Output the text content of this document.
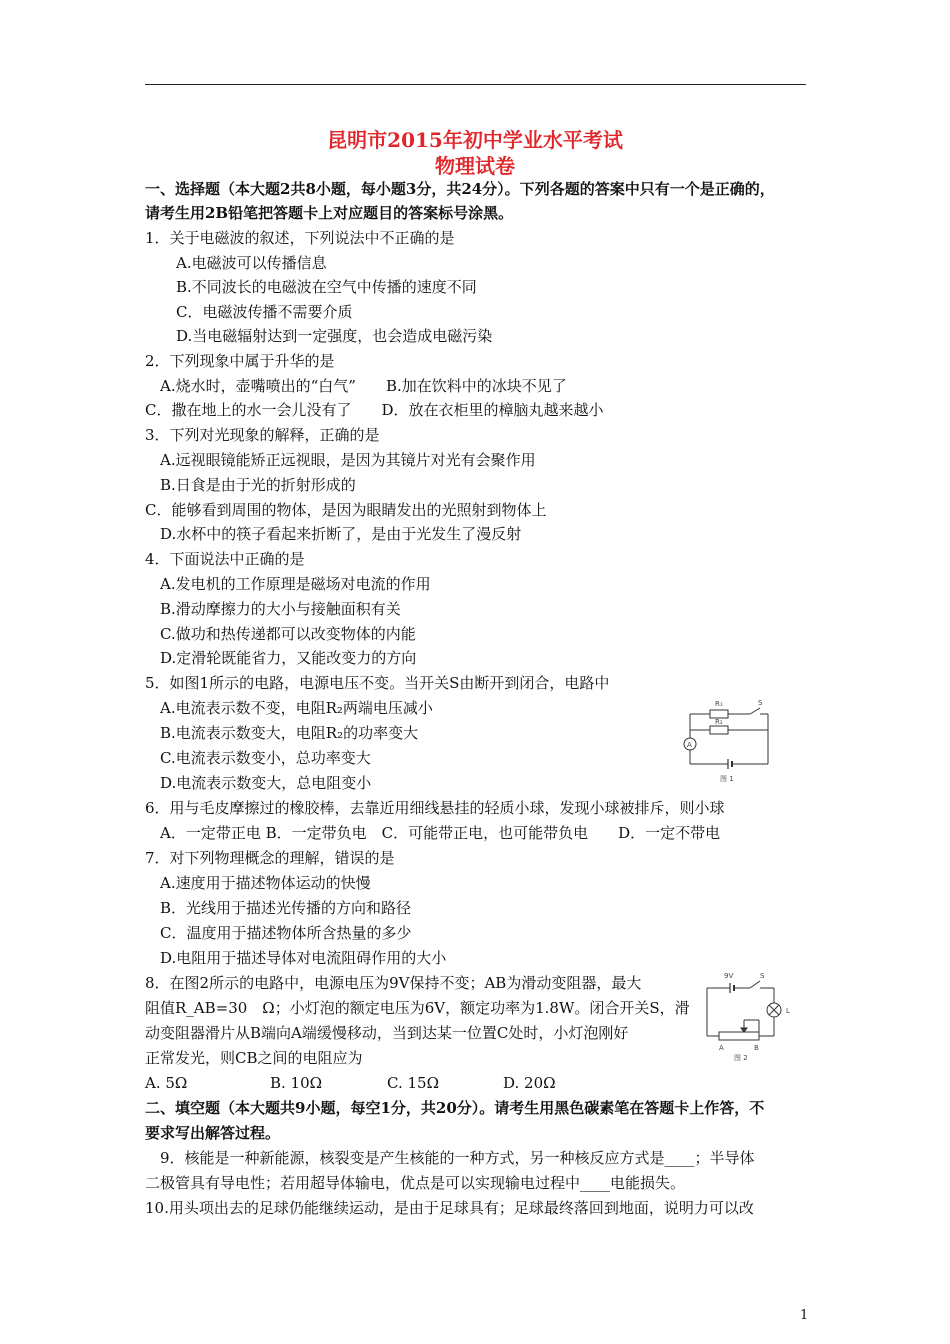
昆明市2015年初中学业水平考试
物理试卷
一、选择题（本大题2共8小题，每小题3分，共24分）。下列各题的答案中只有一个是正确的，
请考生用2B铅笔把答题卡上对应题目的答案标号涂黑。
1．关于电磁波的叙述，下列说法中不正确的是
A.电磁波可以传播信息
B.不同波长的电磁波在空气中传播的速度不同
C．电磁波传播不需要介质
D.当电磁辐射达到一定强度，也会造成电磁污染
2．下列现象中属于升华的是
A.烧水时，壶嘴喷出的“白气”　　B.加在饮料中的冰块不见了
C．撒在地上的水一会儿没有了　　D．放在衣柜里的樟脑丸越来越小
3．下列对光现象的解释，正确的是
A.远视眼镜能矫正远视眼，是因为其镜片对光有会聚作用
B.日食是由于光的折射形成的
C．能够看到周围的物体，是因为眼睛发出的光照射到物体上
D.水杯中的筷子看起来折断了，是由于光发生了漫反射
4．下面说法中正确的是
A.发电机的工作原理是磁场对电流的作用
B.滑动摩擦力的大小与接触面积有关
C.做功和热传递都可以改变物体的内能
D.定滑轮既能省力，又能改变力的方向
5．如图1所示的电路，电源电压不变。当开关S由断开到闭合，电路中
A.电流表示数不变，电阻R₂两端电压减小
B.电流表示数变大，电阻R₂的功率变大
C.电流表示数变小，总功率变大
D.电流表示数变大，总电阻变小
R₁
R₂
S
A
图 1
6．用与毛皮摩擦过的橡胶棒，去靠近用细线悬挂的轻质小球，发现小球被排斥，则小球
A．一定带正电 B．一定带负电　C．可能带正电，也可能带负电　　D．一定不带电
7．对下列物理概念的理解，错误的是
A.速度用于描述物体运动的快慢
B．光线用于描述光传播的方向和路径
C．温度用于描述物体所含热量的多少
D.电阻用于描述导体对电流阻碍作用的大小
8．在图2所示的电路中，电源电压为9V保持不变；AB为滑动变阻器，最大
阻值R_AB=30　Ω；小灯泡的额定电压为6V，额定功率为1.8W。闭合开关S，滑
动变阻器滑片从B端向A端缓慢移动，当到达某一位置C处时，小灯泡刚好
正常发光，则CB之间的电阻应为
A. 5Ω	B. 10Ω	C. 15Ω	D. 20Ω
9V	S
L
A	B
图 2
二、填空题（本大题共9小题，每空1分，共20分）。请考生用黑色碳素笔在答题卡上作答，不
要求写出解答过程。
9．核能是一种新能源，核裂变是产生核能的一种方式，另一种核反应方式是____；半导体
二极管具有导电性；若用超导体输电，优点是可以实现输电过程中____电能损失。
10.用头项出去的足球仍能继续运动，是由于足球具有；足球最终落回到地面，说明力可以改
1
